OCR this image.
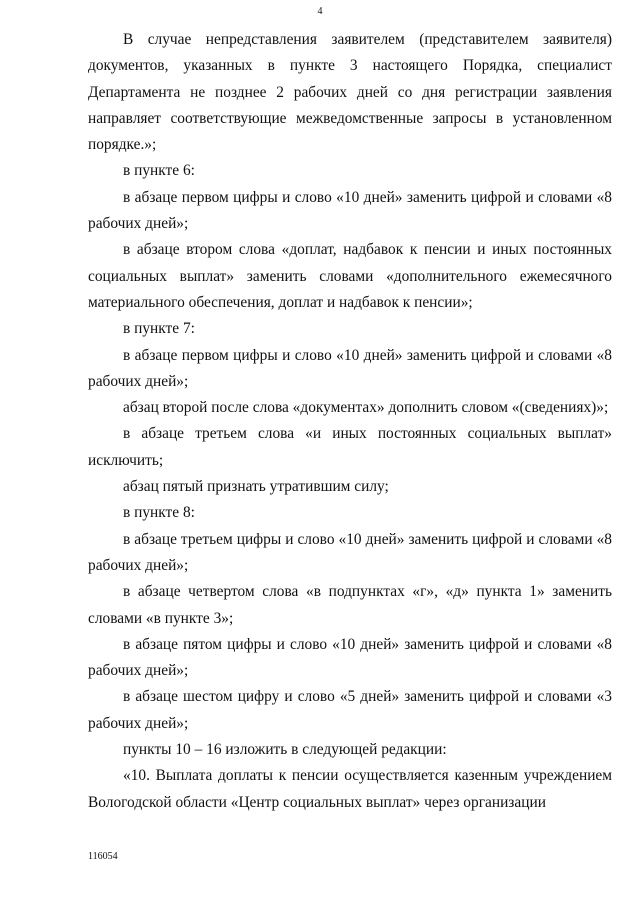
4

В случае непредставления заявителем (представителем заявителя) документов, указанных в пункте 3 настоящего Порядка, специалист Департамента не позднее 2 рабочих дней со дня регистрации заявления направляет соответствующие межведомственные запросы в установленном порядке.»;

в пункте 6:

в абзаце первом цифры и слово «10 дней» заменить цифрой и словами «8 рабочих дней»;

в абзаце втором слова «доплат, надбавок к пенсии и иных постоянных социальных выплат» заменить словами «дополнительного ежемесячного материального обеспечения, доплат и надбавок к пенсии»;

в пункте 7:

в абзаце первом цифры и слово «10 дней» заменить цифрой и словами «8 рабочих дней»;

абзац второй после слова «документах» дополнить словом «(сведениях)»;

в абзаце третьем слова «и иных постоянных социальных выплат» исключить;

абзац пятый признать утратившим силу;

в пункте 8:

в абзаце третьем цифры и слово «10 дней» заменить цифрой и словами «8 рабочих дней»;

в абзаце четвертом слова «в подпунктах «г», «д» пункта 1» заменить словами «в пункте 3»;

в абзаце пятом цифры и слово «10 дней» заменить цифрой и словами «8 рабочих дней»;

в абзаце шестом цифру и слово «5 дней» заменить цифрой и словами «3 рабочих дней»;

пункты 10 – 16 изложить в следующей редакции:

«10. Выплата доплаты к пенсии осуществляется казенным учреждением Вологодской области «Центр социальных выплат» через организации

116054
